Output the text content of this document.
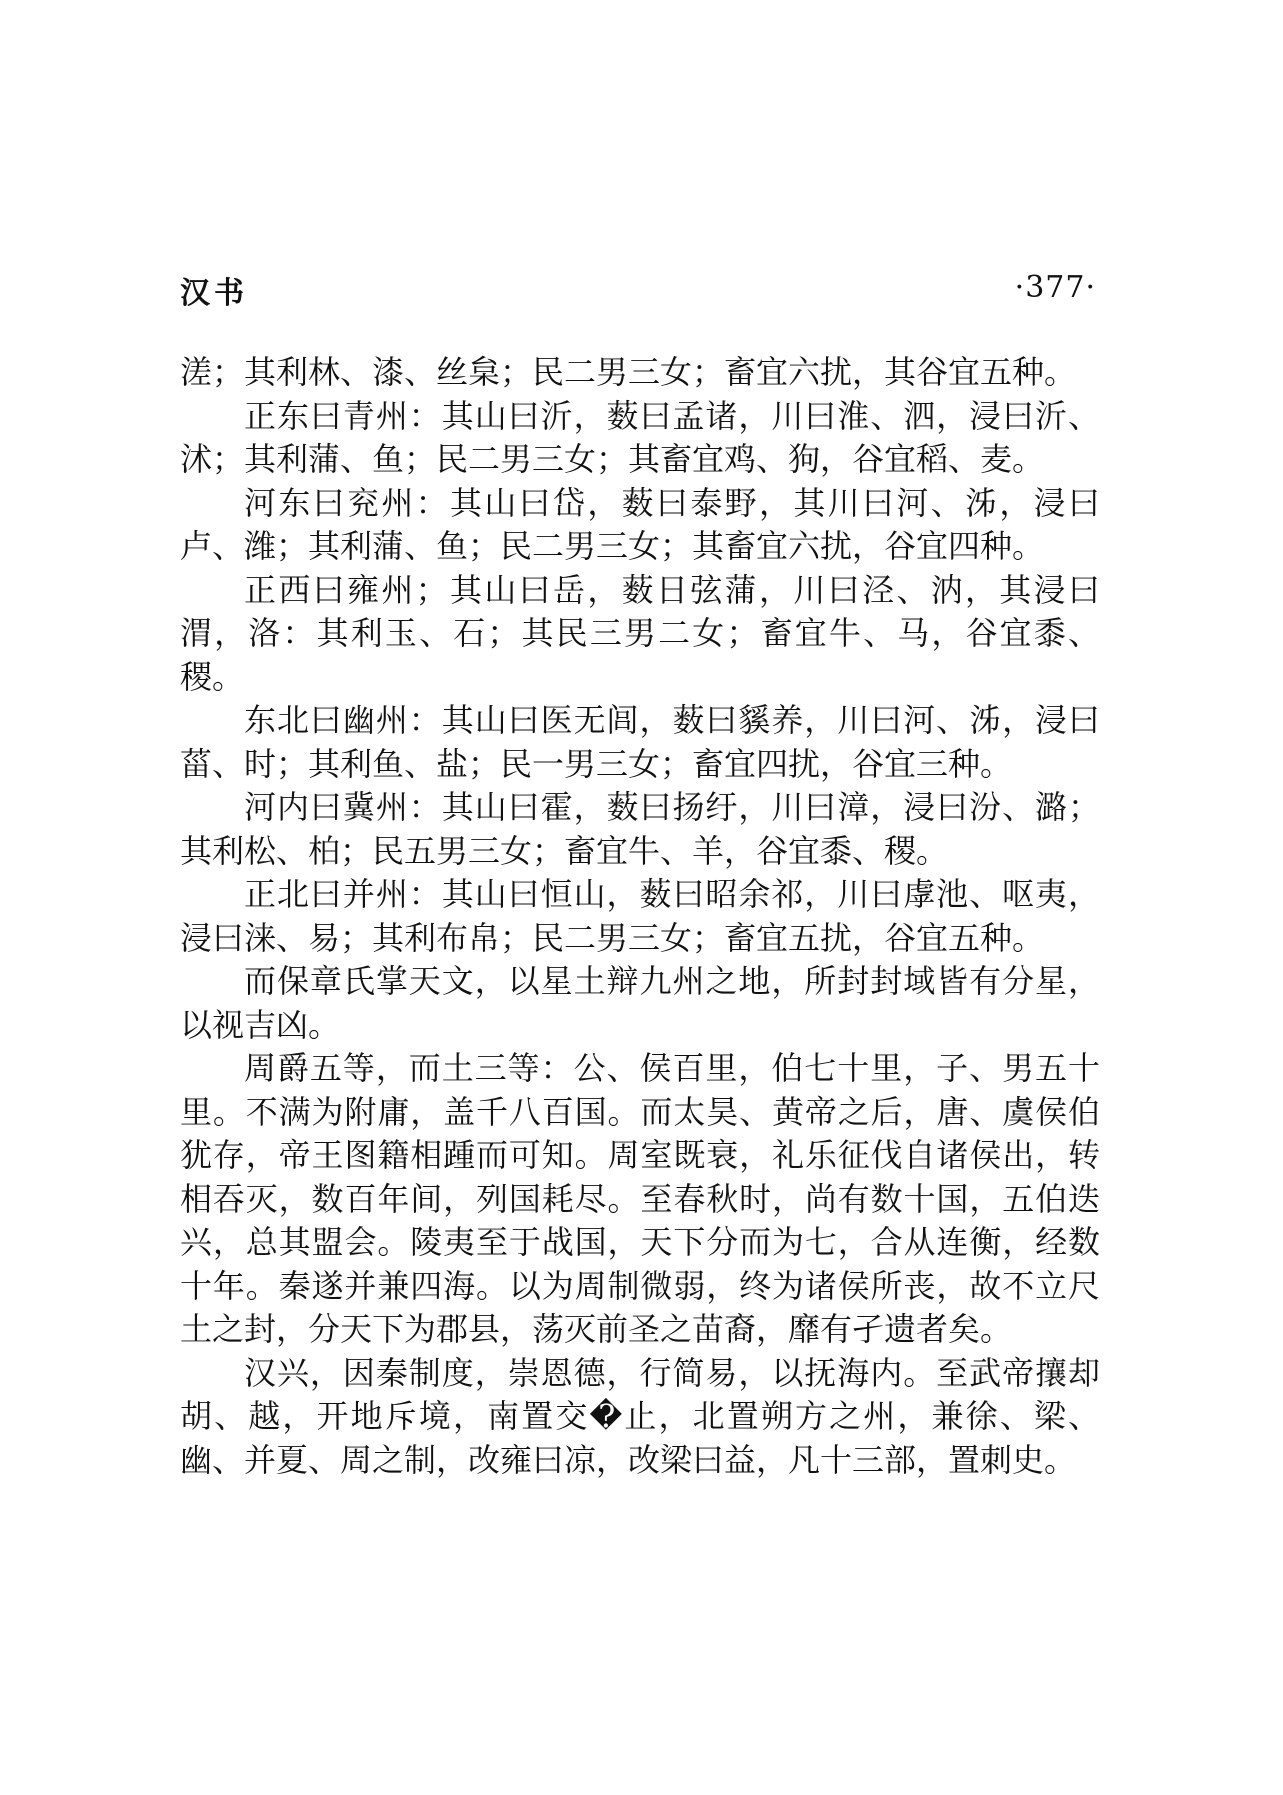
汉书	·377·

溠；其利林、漆、丝枲；民二男三女；畜宜六扰，其谷宜五种。

正东曰青州：其山曰沂，薮曰孟诸，川曰淮、泗，浸曰沂、沭；其利蒲、鱼；民二男三女；其畜宜鸡、狗，谷宜稻、麦。

河东曰兖州：其山曰岱，薮曰泰野，其川曰河、泲，浸曰卢、潍；其利蒲、鱼；民二男三女；其畜宜六扰，谷宜四种。

正西曰雍州；其山曰岳，薮日弦蒲，川曰泾、汭，其浸曰渭，洛：其利玉、石；其民三男二女；畜宜牛、马，谷宜黍、稷。

东北曰幽州：其山曰医无闾，薮曰貕养，川曰河、泲，浸曰菑、时；其利鱼、盐；民一男三女；畜宜四扰，谷宜三种。

河内曰冀州：其山曰霍，薮曰扬纡，川曰漳，浸曰汾、潞；其利松、柏；民五男三女；畜宜牛、羊，谷宜黍、稷。

正北曰并州：其山曰恒山，薮曰昭余祁，川曰虖池、呕夷，浸曰涞、易；其利布帛；民二男三女；畜宜五扰，谷宜五种。

而保章氏掌天文，以星土辩九州之地，所封封域皆有分星，以视吉凶。

周爵五等，而土三等：公、侯百里，伯七十里，子、男五十里。不满为附庸，盖千八百国。而太昊、黄帝之后，唐、虞侯伯犹存，帝王图籍相踵而可知。周室既衰，礼乐征伐自诸侯出，转相吞灭，数百年间，列国耗尽。至春秋时，尚有数十国，五伯迭兴，总其盟会。陵夷至于战国，天下分而为七，合从连衡，经数十年。秦遂并兼四海。以为周制微弱，终为诸侯所丧，故不立尺土之封，分天下为郡县，荡灭前圣之苗裔，靡有孑遗者矣。

汉兴，因秦制度，崇恩德，行简易，以抚海内。至武帝攘却胡、越，开地斥境，南置交�止，北置朔方之州，兼徐、梁、幽、并夏、周之制，改雍曰凉，改梁曰益，凡十三部，置刺史。
